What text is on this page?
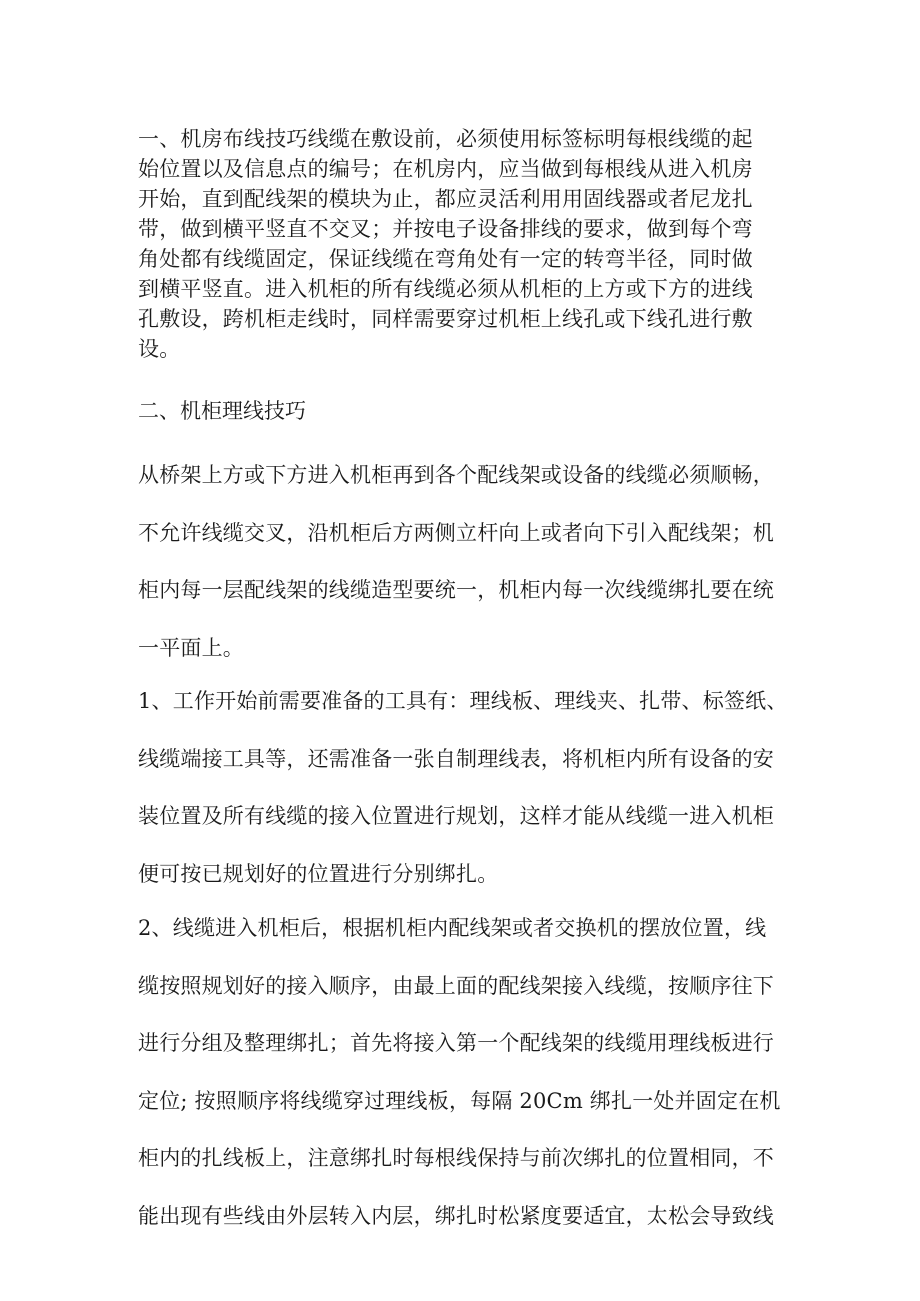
一、机房布线技巧线缆在敷设前，必须使用标签标明每根线缆的起
始位置以及信息点的编号；在机房内，应当做到每根线从进入机房
开始，直到配线架的模块为止，都应灵活利用用固线器或者尼龙扎
带，做到横平竖直不交叉；并按电子设备排线的要求，做到每个弯
角处都有线缆固定，保证线缆在弯角处有一定的转弯半径，同时做
到横平竖直。进入机柜的所有线缆必须从机柜的上方或下方的进线
孔敷设，跨机柜走线时，同样需要穿过机柜上线孔或下线孔进行敷
设。

二、机柜理线技巧

从桥架上方或下方进入机柜再到各个配线架或设备的线缆必须顺畅，
不允许线缆交叉，沿机柜后方两侧立杆向上或者向下引入配线架；机
柜内每一层配线架的线缆造型要统一，机柜内每一次线缆绑扎要在统
一平面上。

1、工作开始前需要准备的工具有：理线板、理线夹、扎带、标签纸、
线缆端接工具等，还需准备一张自制理线表，将机柜内所有设备的安
装位置及所有线缆的接入位置进行规划，这样才能从线缆一进入机柜
便可按已规划好的位置进行分别绑扎。

2、线缆进入机柜后，根据机柜内配线架或者交换机的摆放位置，线
缆按照规划好的接入顺序，由最上面的配线架接入线缆，按顺序往下
进行分组及整理绑扎；首先将接入第一个配线架的线缆用理线板进行
定位; 按照顺序将线缆穿过理线板，每隔 20Cm 绑扎一处并固定在机
柜内的扎线板上，注意绑扎时每根线保持与前次绑扎的位置相同，不
能出现有些线由外层转入内层，绑扎时松紧度要适宜，太松会导致线
